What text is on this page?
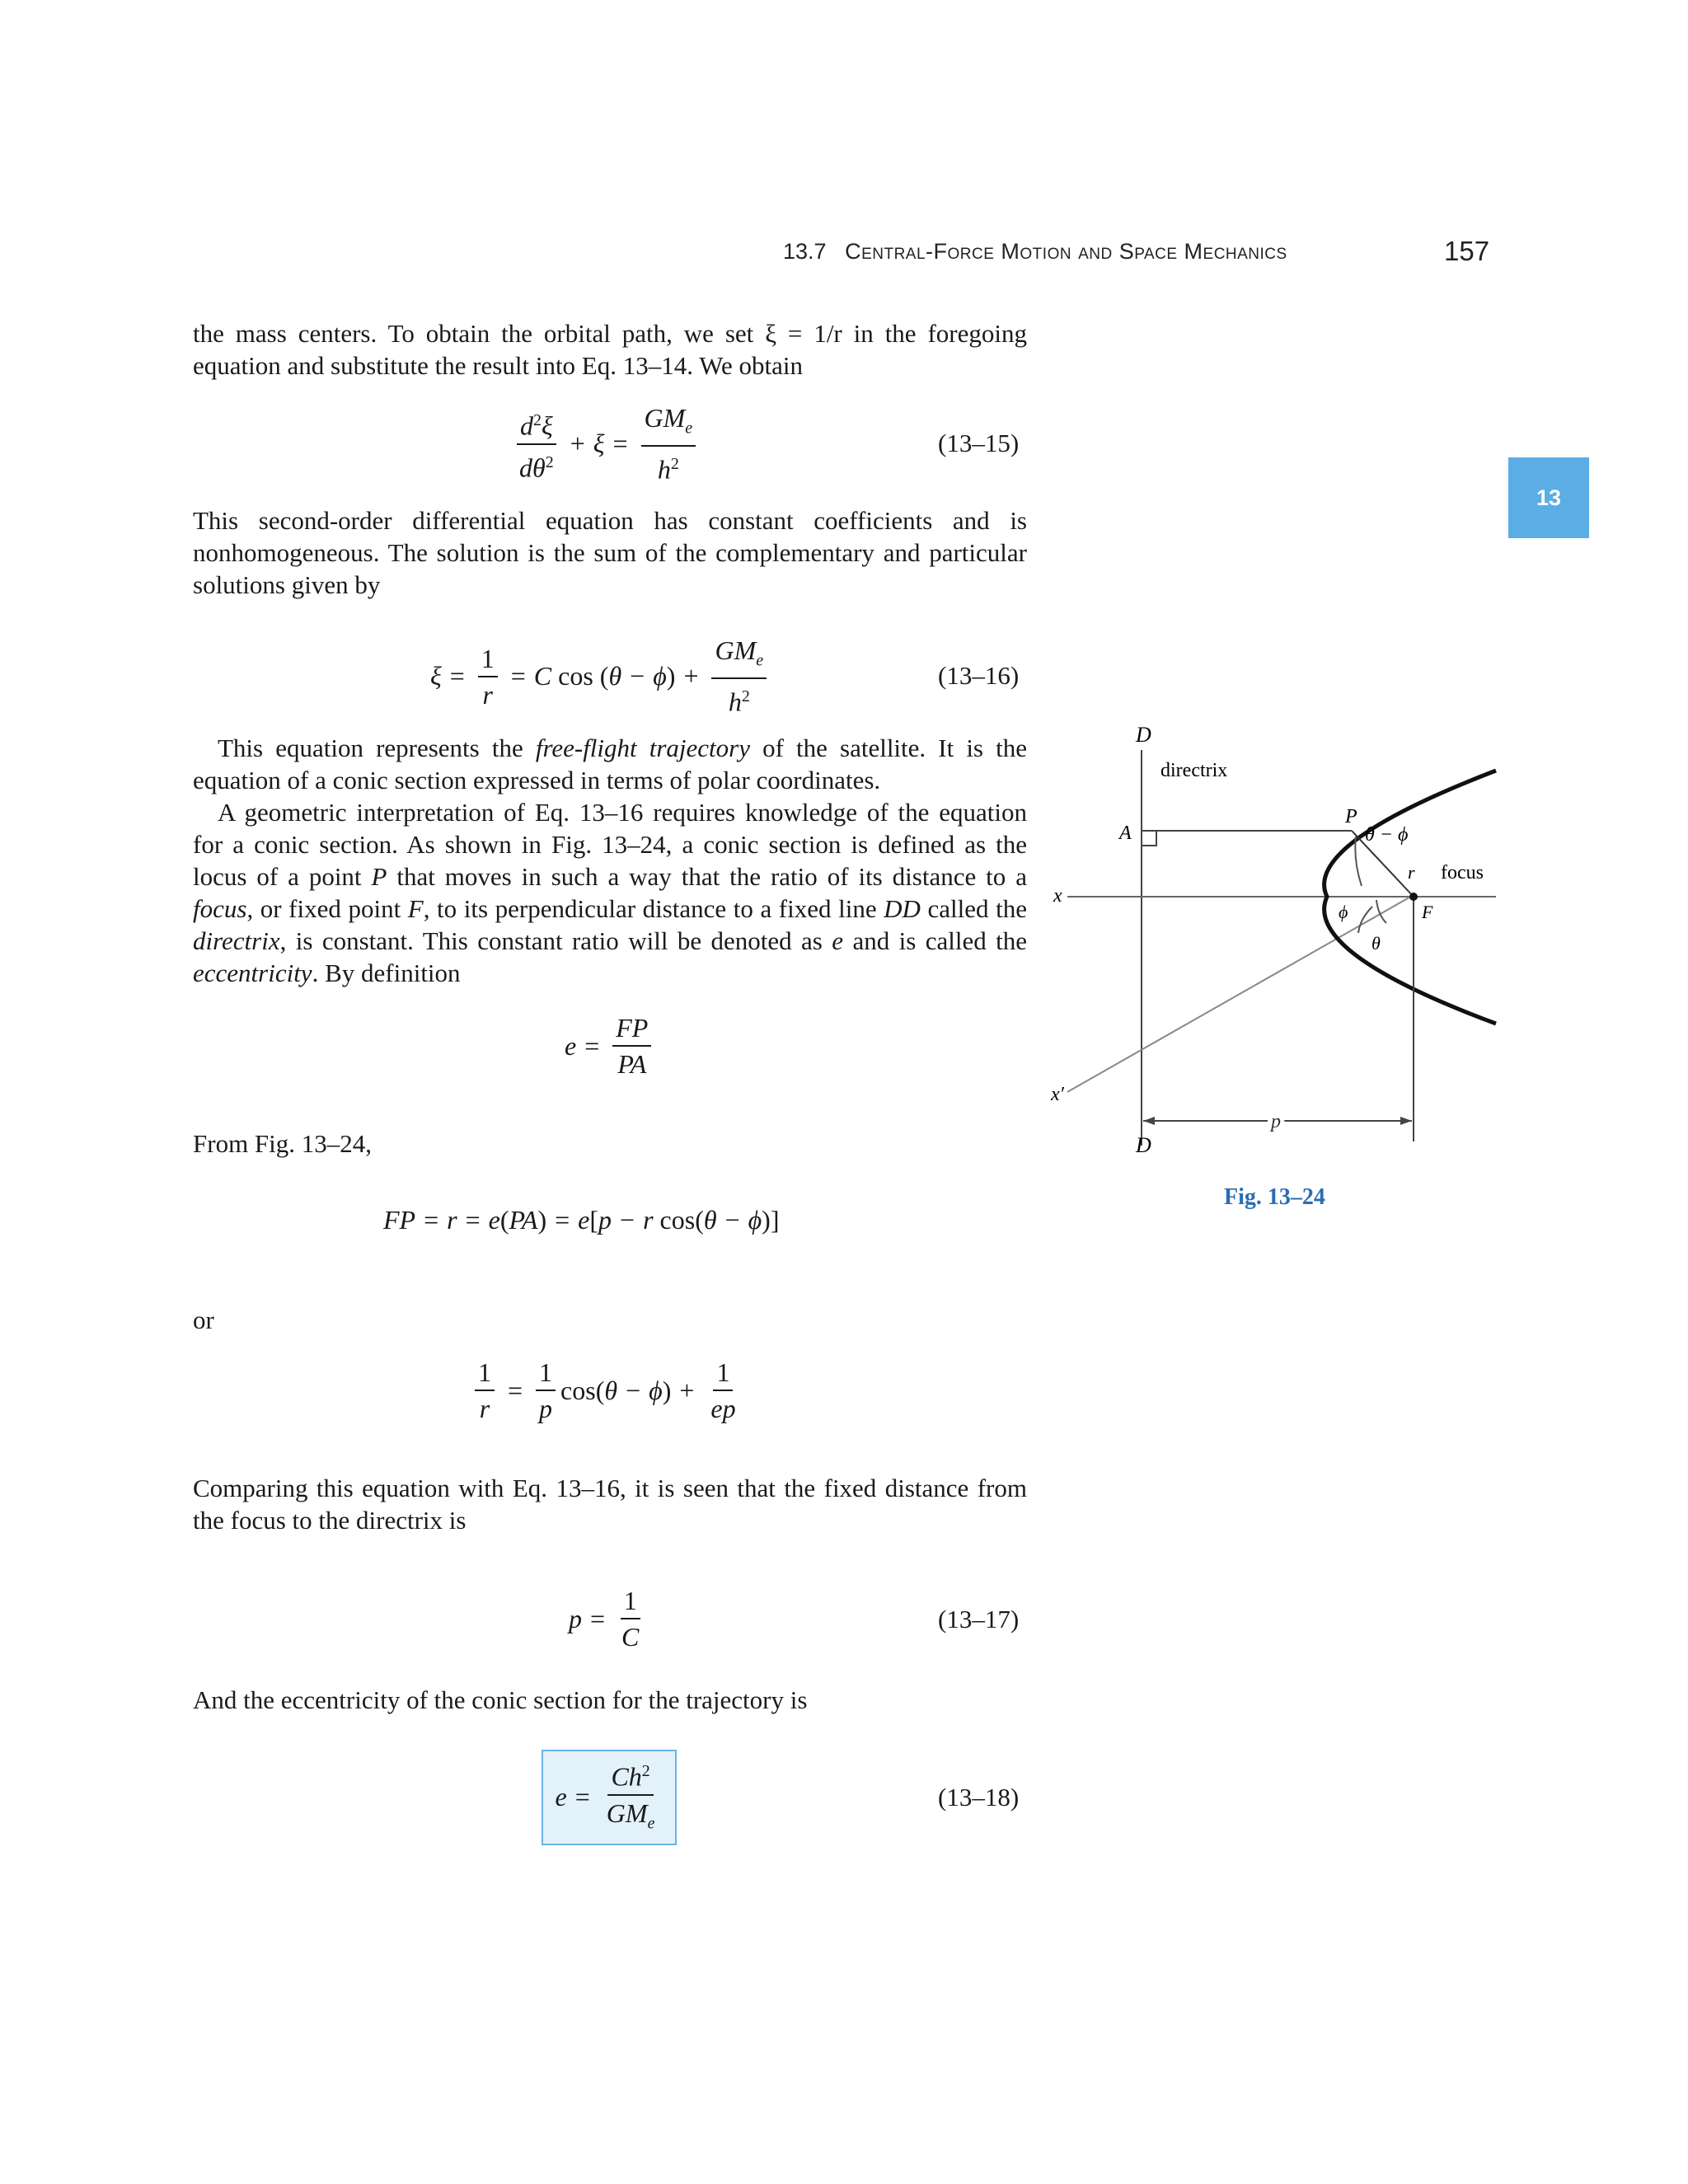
13.7 Central-Force Motion and Space Mechanics	157
13

the mass centers. To obtain the orbital path, we set ξ = 1/r in the foregoing equation and substitute the result into Eq. 13–14. We obtain

$\frac{d^2\xi}{d\theta^2} + \xi = \frac{GM_e}{h^2}$	(13–15)

This second-order differential equation has constant coefficients and is nonhomogeneous. The solution is the sum of the complementary and particular solutions given by

$\xi = \frac{1}{r} = C$ cos ( θ − ϕ ) + $\frac{GM_e}{h^2}$	(13–16)

This equation represents the free-flight trajectory of the satellite. It is the equation of a conic section expressed in terms of polar coordinates.

A geometric interpretation of Eq. 13–16 requires knowledge of the equation for a conic section. As shown in Fig. 13–24, a conic section is defined as the locus of a point P that moves in such a way that the ratio of its distance to a focus, or fixed point F, to its perpendicular distance to a fixed line DD called the directrix, is constant. This constant ratio will be denoted as e and is called the eccentricity. By definition

$e = \frac{FP}{PA}$

From Fig. 13–24,

FP = r = e ( PA ) = e [ p − r cos( θ − ϕ )]

or

$\frac{1}{r} = \frac{1}{p} \cos$( θ − ϕ ) + $\frac{1}{ep}$

Comparing this equation with Eq. 13–16, it is seen that the fixed distance from the focus to the directrix is

$p = \frac{1}{C}$	(13–17)

And the eccentricity of the conic section for the trajectory is

$e = \frac{Ch^2}{GM_e}$	(13–18)
D
D
directrix
A
P
θ − ϕ
r focus
F
x
x′
ϕ
θ
p
Fig. 13–24
